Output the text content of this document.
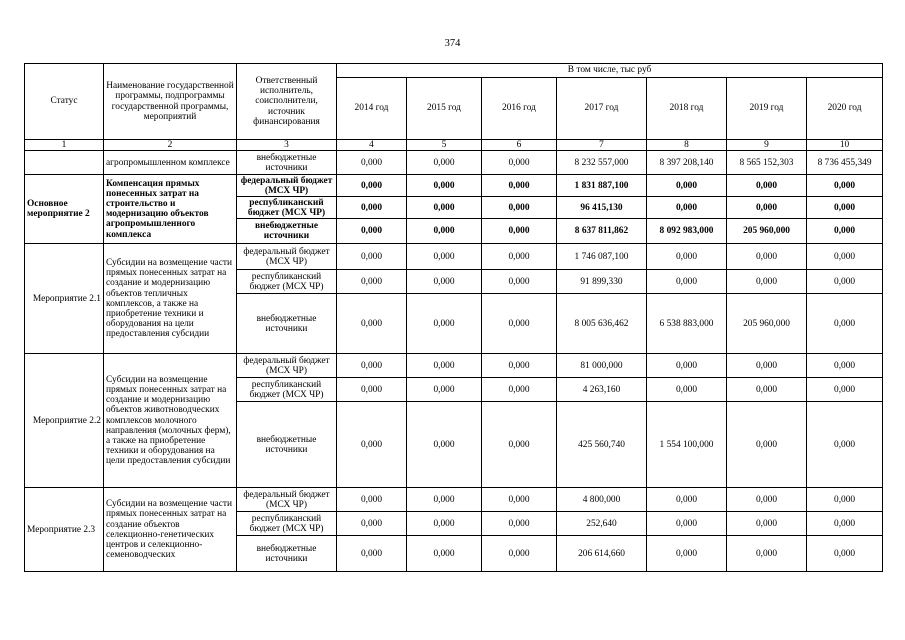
374
Статус	Наименование государственной программы, подпрограммы государственной программы, мероприятий	Ответственный исполнитель, соисполнители, источник финансирования	В том числе, тыс руб						
			2014 год	2015 год	2016 год	2017 год	2018 год	2019 год	2020 год
1	2	3	4	5	6	7	8	9	10
	агропромышленном комплексе	внебюджетные источники	0,000	0,000	0,000	8 232 557,000	8 397 208,140	8 565 152,303	8 736 455,349
Основное мероприятие 2	Компенсация прямых понесенных затрат на строительство и модернизацию объектов агропромышленного комплекса	федеральный бюджет (МСХ ЧР)	0,000	0,000	0,000	1 831 887,100	0,000	0,000	0,000
		республиканский бюджет (МСХ ЧР)	0,000	0,000	0,000	96 415,130	0,000	0,000	0,000
		внебюджетные источники	0,000	0,000	0,000	8 637 811,862	8 092 983,000	205 960,000	0,000
Мероприятие 2.1	Субсидии на возмещение части прямых понесенных затрат на создание и модернизацию объектов тепличных комплексов, а также на приобретение техники и оборудования на цели предоставления субсидии	федеральный бюджет (МСХ ЧР)	0,000	0,000	0,000	1 746 087,100	0,000	0,000	0,000
		республиканский бюджет (МСХ ЧР)	0,000	0,000	0,000	91 899,330	0,000	0,000	0,000
		внебюджетные источники	0,000	0,000	0,000	8 005 636,462	6 538 883,000	205 960,000	0,000
Мероприятие 2.2	Субсидии на возмещение прямых понесенных затрат на создание и модернизацию объектов животноводческих комплексов молочного направления (молочных ферм), а также на приобретение техники и оборудования на цели предоставления субсидии	федеральный бюджет (МСХ ЧР)	0,000	0,000	0,000	81 000,000	0,000	0,000	0,000
		республиканский бюджет (МСХ ЧР)	0,000	0,000	0,000	4 263,160	0,000	0,000	0,000
		внебюджетные источники	0,000	0,000	0,000	425 560,740	1 554 100,000	0,000	0,000
Мероприятие 2.3	Субсидии на возмещение части прямых понесенных затрат на создание объектов селекционно-генетических центров и селекционно-семеноводческих	федеральный бюджет (МСХ ЧР)	0,000	0,000	0,000	4 800,000	0,000	0,000	0,000
		республиканский бюджет (МСХ ЧР)	0,000	0,000	0,000	252,640	0,000	0,000	0,000
		внебюджетные источники	0,000	0,000	0,000	206 614,660	0,000	0,000	0,000
